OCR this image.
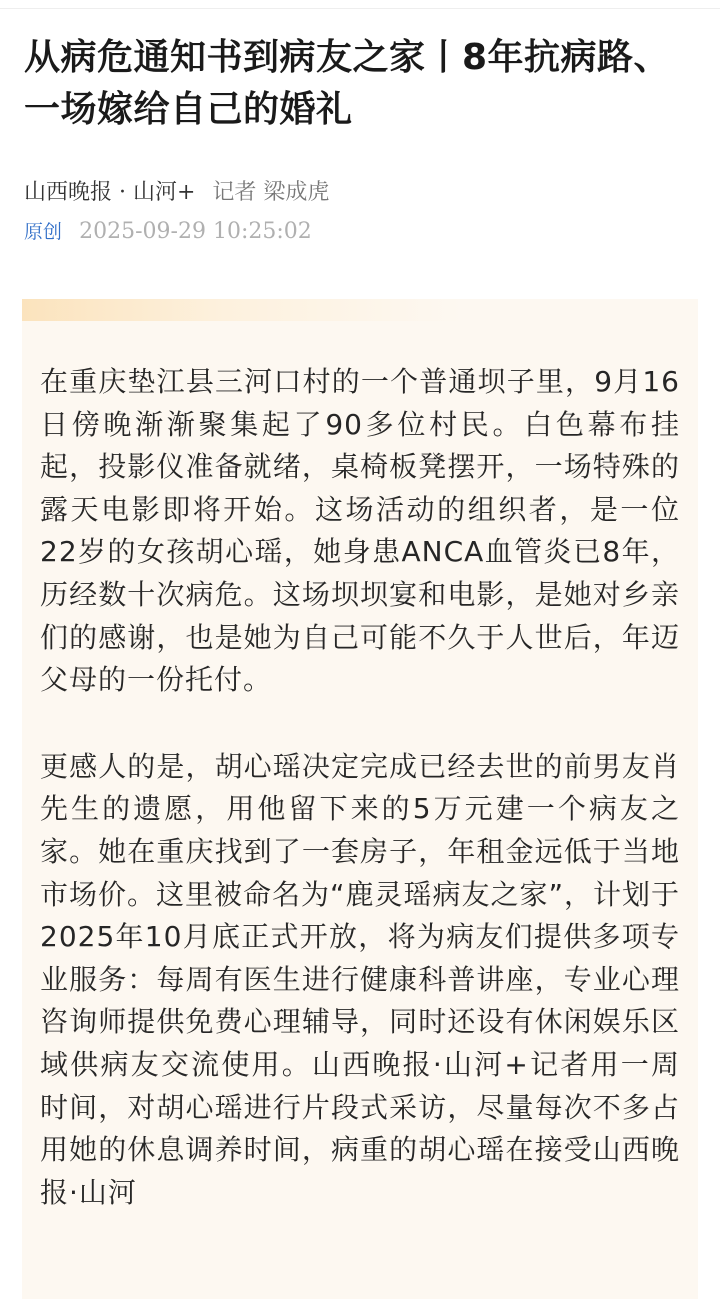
从病危通知书到病友之家丨8年抗病路、一场嫁给自己的婚礼
山西晚报 · 山河+ 记者 梁成虎
原创 2025-09-29 10:25:02

在重庆垫江县三河口村的一个普通坝子里，9月16日傍晚渐渐聚集起了90多位村民。白色幕布挂起，投影仪准备就绪，桌椅板凳摆开，一场特殊的露天电影即将开始。这场活动的组织者，是一位22岁的女孩胡心瑶，她身患ANCA血管炎已8年，历经数十次病危。这场坝坝宴和电影，是她对乡亲们的感谢，也是她为自己可能不久于人世后，年迈父母的一份托付。

更感人的是，胡心瑶决定完成已经去世的前男友肖先生的遗愿，用他留下来的5万元建一个病友之家。她在重庆找到了一套房子，年租金远低于当地市场价。这里被命名为“鹿灵瑶病友之家”，计划于2025年10月底正式开放，将为病友们提供多项专业服务：每周有医生进行健康科普讲座，专业心理咨询师提供免费心理辅导，同时还设有休闲娱乐区域供病友交流使用。山西晚报·山河+记者用一周时间，对胡心瑶进行片段式采访，尽量每次不多占用她的休息调养时间，病重的胡心瑶在接受山西晚报·山河
